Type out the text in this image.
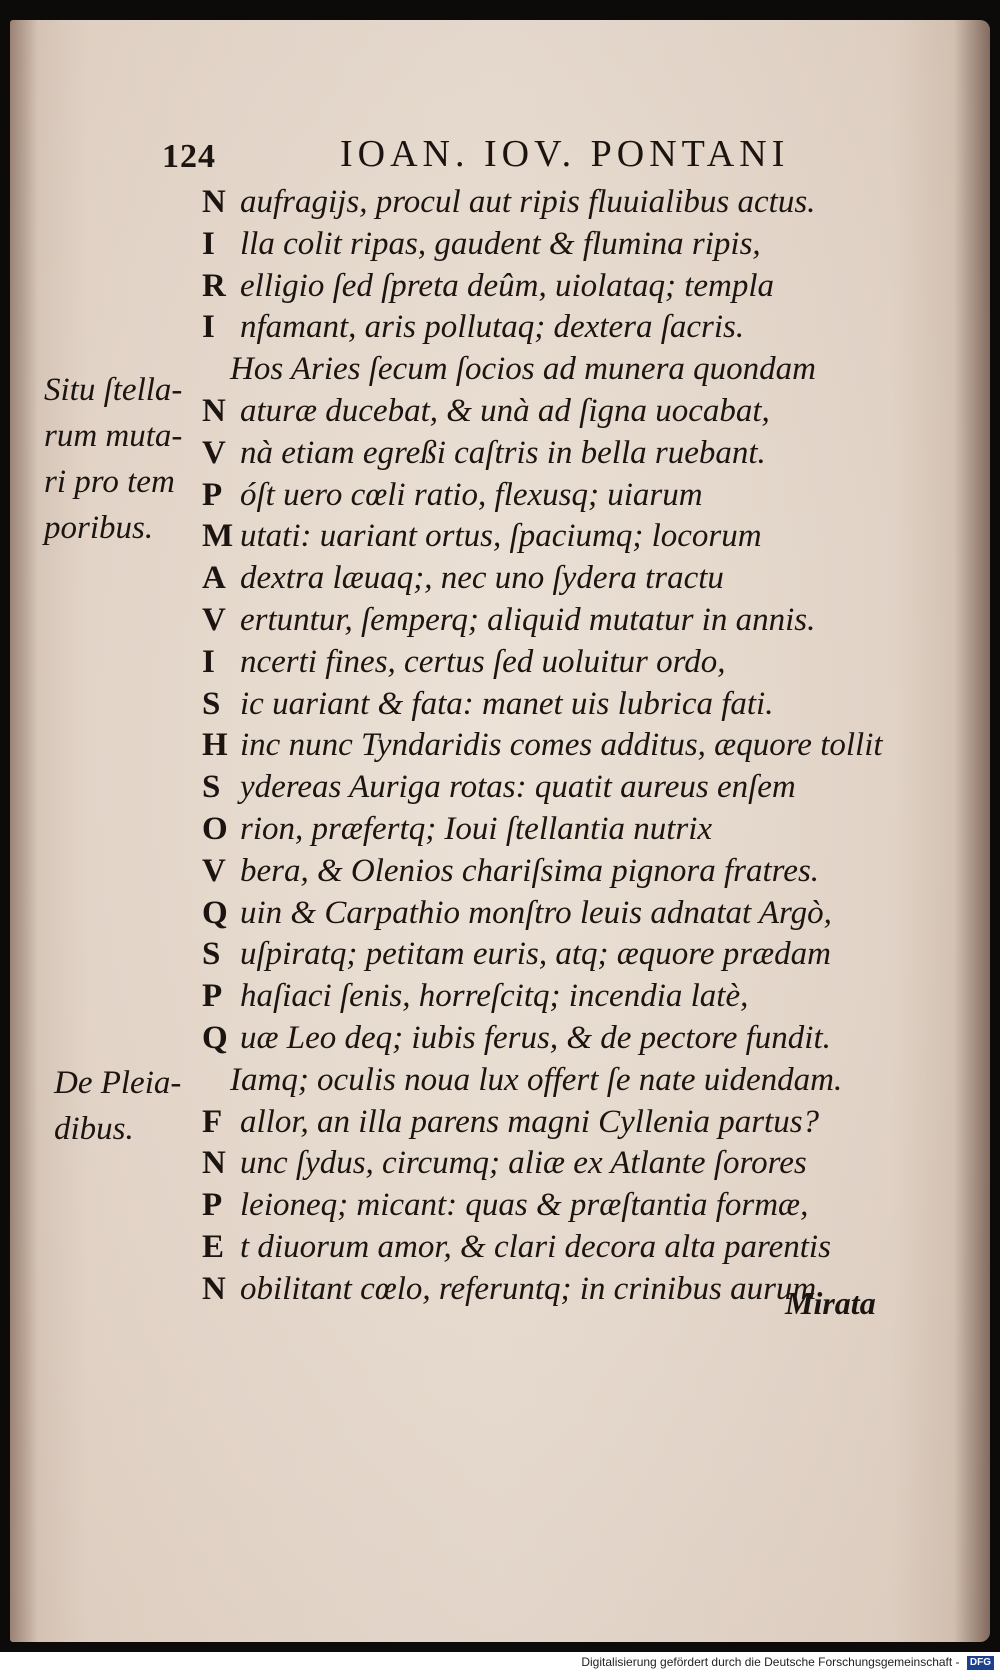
124	IOAN. IOV. PONTANI
Situ ſtella-
rum muta-
ri pro tem
poribus.
De Pleia-
dibus.
N aufragijs, procul aut ripis fluuialibus actus.
I lla colit ripas, gaudent & flumina ripis,
R elligio ſed ſpreta deûm, uiolataq; templa
I nfamant, aris pollutaq; dextera ſacris.
Hos Aries ſecum ſocios ad munera quondam
N aturæ ducebat, & unà ad ſigna uocabat,
V nà etiam egreßi caſtris in bella ruebant.
P óſt uero cœli ratio, flexusq; uiarum
M utati: uariant ortus, ſpaciumq; locorum
A dextra læuaq;, nec uno ſydera tractu
V ertuntur, ſemperq; aliquid mutatur in annis.
I ncerti fines, certus ſed uoluitur ordo,
S ic uariant & fata: manet uis lubrica fati.
H inc nunc Tyndaridis comes additus, æquore tollit
S ydereas Auriga rotas: quatit aureus enſem
O rion, præfertq; Ioui ſtellantia nutrix
V bera, & Olenios chariſsima pignora fratres.
Q uin & Carpathio monſtro leuis adnatat Argò,
S uſpiratq; petitam euris, atq; æquore prædam
P haſiaci ſenis, horreſcitq; incendia latè,
Q uæ Leo deq; iubis ferus, & de pectore fundit.
Iamq; oculis noua lux offert ſe nate uidendam.
F allor, an illa parens magni Cyllenia partus?
N unc ſydus, circumq; aliæ ex Atlante ſorores
P leioneq; micant: quas & præſtantia formæ,
E t diuorum amor, & clari decora alta parentis
N obilitant cœlo, referuntq; in crinibus aurum
Mirata
Digitalisierung gefördert durch die Deutsche Forschungsgemeinschaft - DFG
